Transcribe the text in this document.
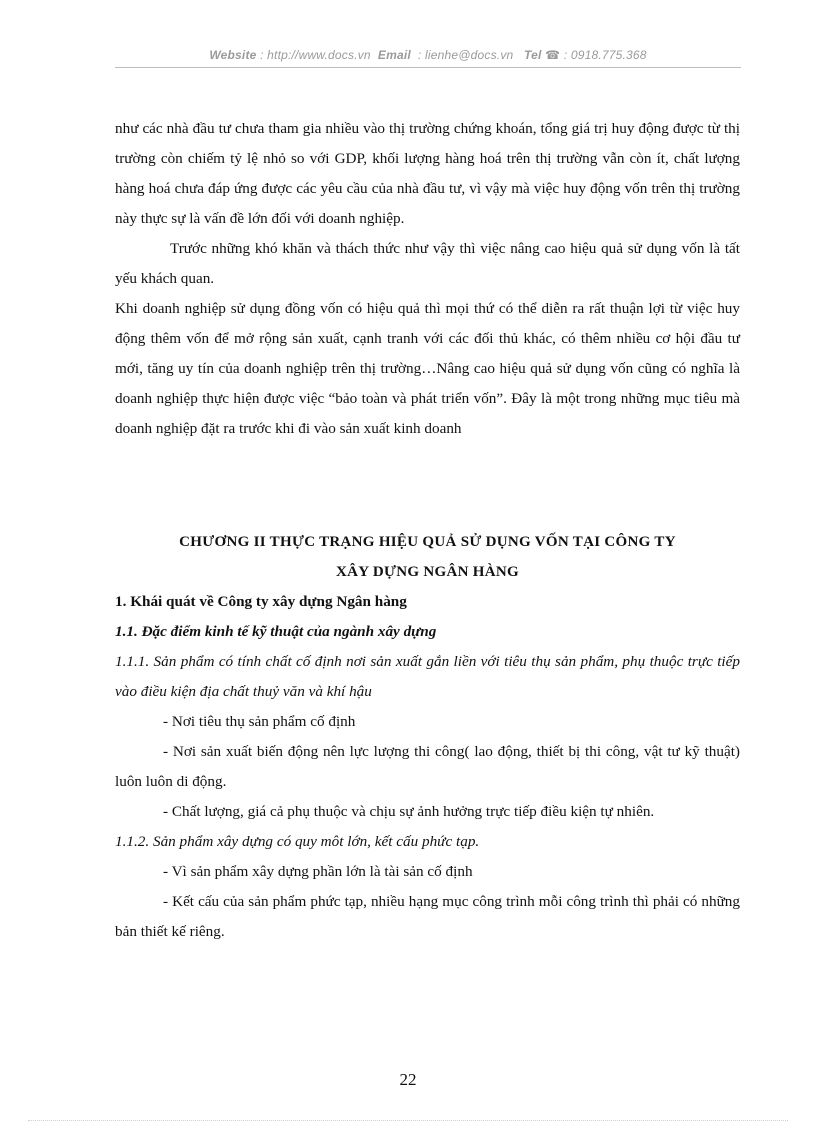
Website : http://www.docs.vn Email : lienhe@docs.vn Tel ☎ : 0918.775.368

như các nhà đầu tư chưa tham gia nhiều vào thị trường chứng khoán, tổng giá trị huy động được từ thị trường còn chiếm tỷ lệ nhỏ so với GDP, khối lượng hàng hoá trên thị trường vẫn còn ít, chất lượng hàng hoá chưa đáp ứng được các yêu cầu của nhà đầu tư, vì vậy mà việc huy động vốn trên thị trường này thực sự là vấn đề lớn đối với doanh nghiệp.

Trước những khó khăn và thách thức như vậy thì việc nâng cao hiệu quả sử dụng vốn là tất yếu khách quan.

Khi doanh nghiệp sử dụng đồng vốn có hiệu quả thì mọi thứ có thể diễn ra rất thuận lợi từ việc huy động thêm vốn để mở rộng sản xuất, cạnh tranh với các đối thủ khác, có thêm nhiều cơ hội đầu tư mới, tăng uy tín của doanh nghiệp trên thị trường…Nâng cao hiệu quả sử dụng vốn cũng có nghĩa là doanh nghiệp thực hiện được việc “bảo toàn và phát triển vốn”. Đây là một trong những mục tiêu mà doanh nghiệp đặt ra trước khi đi vào sản xuất kinh doanh

CHƯƠNG II THỰC TRẠNG HIỆU QUẢ SỬ DỤNG VỐN TẠI CÔNG TY

XÂY DỰNG NGÂN HÀNG

1. Khái quát về Công ty xây dựng Ngân hàng

1.1. Đặc điểm kinh tế kỹ thuật của ngành xây dựng

1.1.1. Sản phẩm có tính chất cố định nơi sản xuất gắn liền với tiêu thụ sản phẩm, phụ thuộc trực tiếp vào điều kiện địa chất thuỷ văn và khí hậu

- Nơi tiêu thụ sản phẩm cố định

- Nơi sản xuất biến động nên lực lượng thi công( lao động, thiết bị thi công, vật tư kỹ thuật) luôn luôn di động.

- Chất lượng, giá cả phụ thuộc và chịu sự ảnh hưởng trực tiếp điều kiện tự nhiên.

1.1.2. Sản phẩm xây dựng có quy môt lớn, kết cấu phức tạp.

- Vì sản phẩm xây dựng phần lớn là tài sản cố định

- Kết cấu của sản phẩm phức tạp, nhiều hạng mục công trình mỗi công trình thì phải có những bản thiết kế riêng.

22
